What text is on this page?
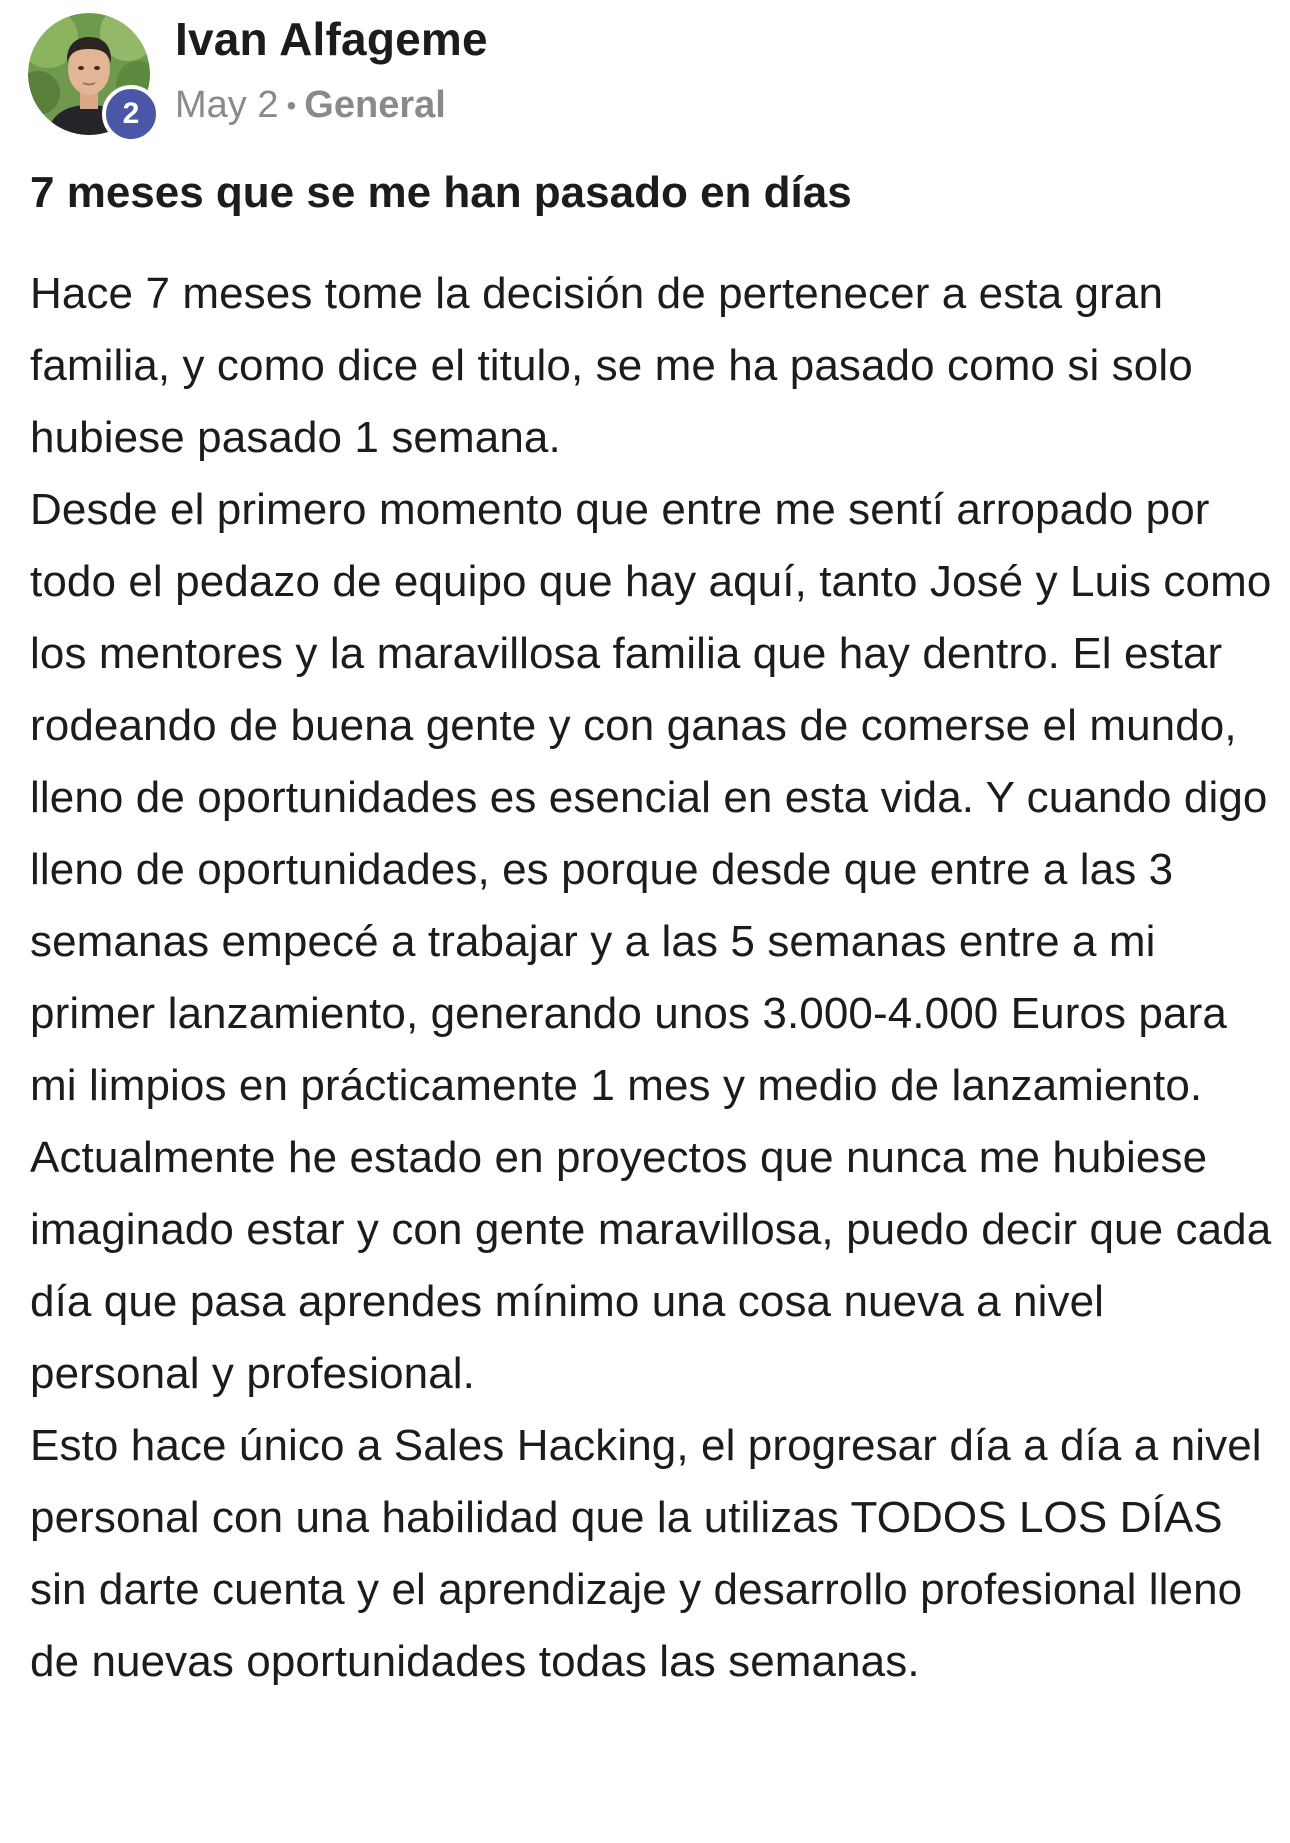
2
Ivan Alfageme
May 2 • General
7 meses que se me han pasado en días

Hace 7 meses tome la decisión de pertenecer a esta gran familia, y como dice el titulo, se me ha pasado como si solo hubiese pasado 1 semana.

Desde el primero momento que entre me sentí arropado por todo el pedazo de equipo que hay aquí, tanto José y Luis como los mentores y la maravillosa familia que hay dentro. El estar rodeando de buena gente y con ganas de comerse el mundo, lleno de oportunidades es esencial en esta vida. Y cuando digo lleno de oportunidades, es porque desde que entre a las 3 semanas empecé a trabajar y a las 5 semanas entre a mi primer lanzamiento, generando unos 3.000-4.000 Euros para mi limpios en prácticamente 1 mes y medio de lanzamiento.

Actualmente he estado en proyectos que nunca me hubiese imaginado estar y con gente maravillosa, puedo decir que cada día que pasa aprendes mínimo una cosa nueva a nivel personal y profesional.

Esto hace único a Sales Hacking, el progresar día a día a nivel personal con una habilidad que la utilizas TODOS LOS DÍAS sin darte cuenta y el aprendizaje y desarrollo profesional lleno de nuevas oportunidades todas las semanas.
